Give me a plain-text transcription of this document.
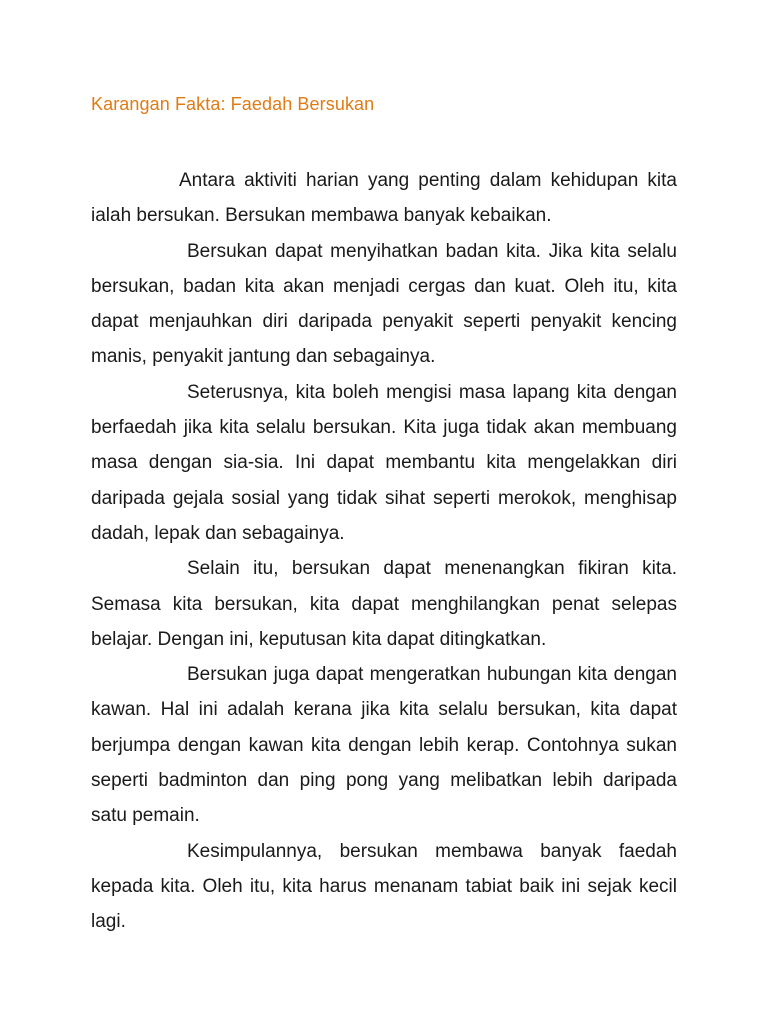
Karangan Fakta: Faedah Bersukan

Antara aktiviti harian yang penting dalam kehidupan kita ialah bersukan. Bersukan membawa banyak kebaikan.

Bersukan dapat menyihatkan badan kita. Jika kita selalu bersukan, badan kita akan menjadi cergas dan kuat. Oleh itu, kita dapat menjauhkan diri daripada penyakit seperti penyakit kencing manis, penyakit jantung dan sebagainya.

Seterusnya, kita boleh mengisi masa lapang kita dengan berfaedah jika kita selalu bersukan. Kita juga tidak akan membuang masa dengan sia-sia. Ini dapat membantu kita mengelakkan diri daripada gejala sosial yang tidak sihat seperti merokok, menghisap dadah, lepak dan sebagainya.

Selain itu, bersukan dapat menenangkan fikiran kita. Semasa kita bersukan, kita dapat menghilangkan penat selepas belajar. Dengan ini, keputusan kita dapat ditingkatkan.

Bersukan juga dapat mengeratkan hubungan kita dengan kawan. Hal ini adalah kerana jika kita selalu bersukan, kita dapat berjumpa dengan kawan kita dengan lebih kerap. Contohnya sukan seperti badminton dan ping pong yang melibatkan lebih daripada satu pemain.

Kesimpulannya, bersukan membawa banyak faedah kepada kita. Oleh itu, kita harus menanam tabiat baik ini sejak kecil lagi.
